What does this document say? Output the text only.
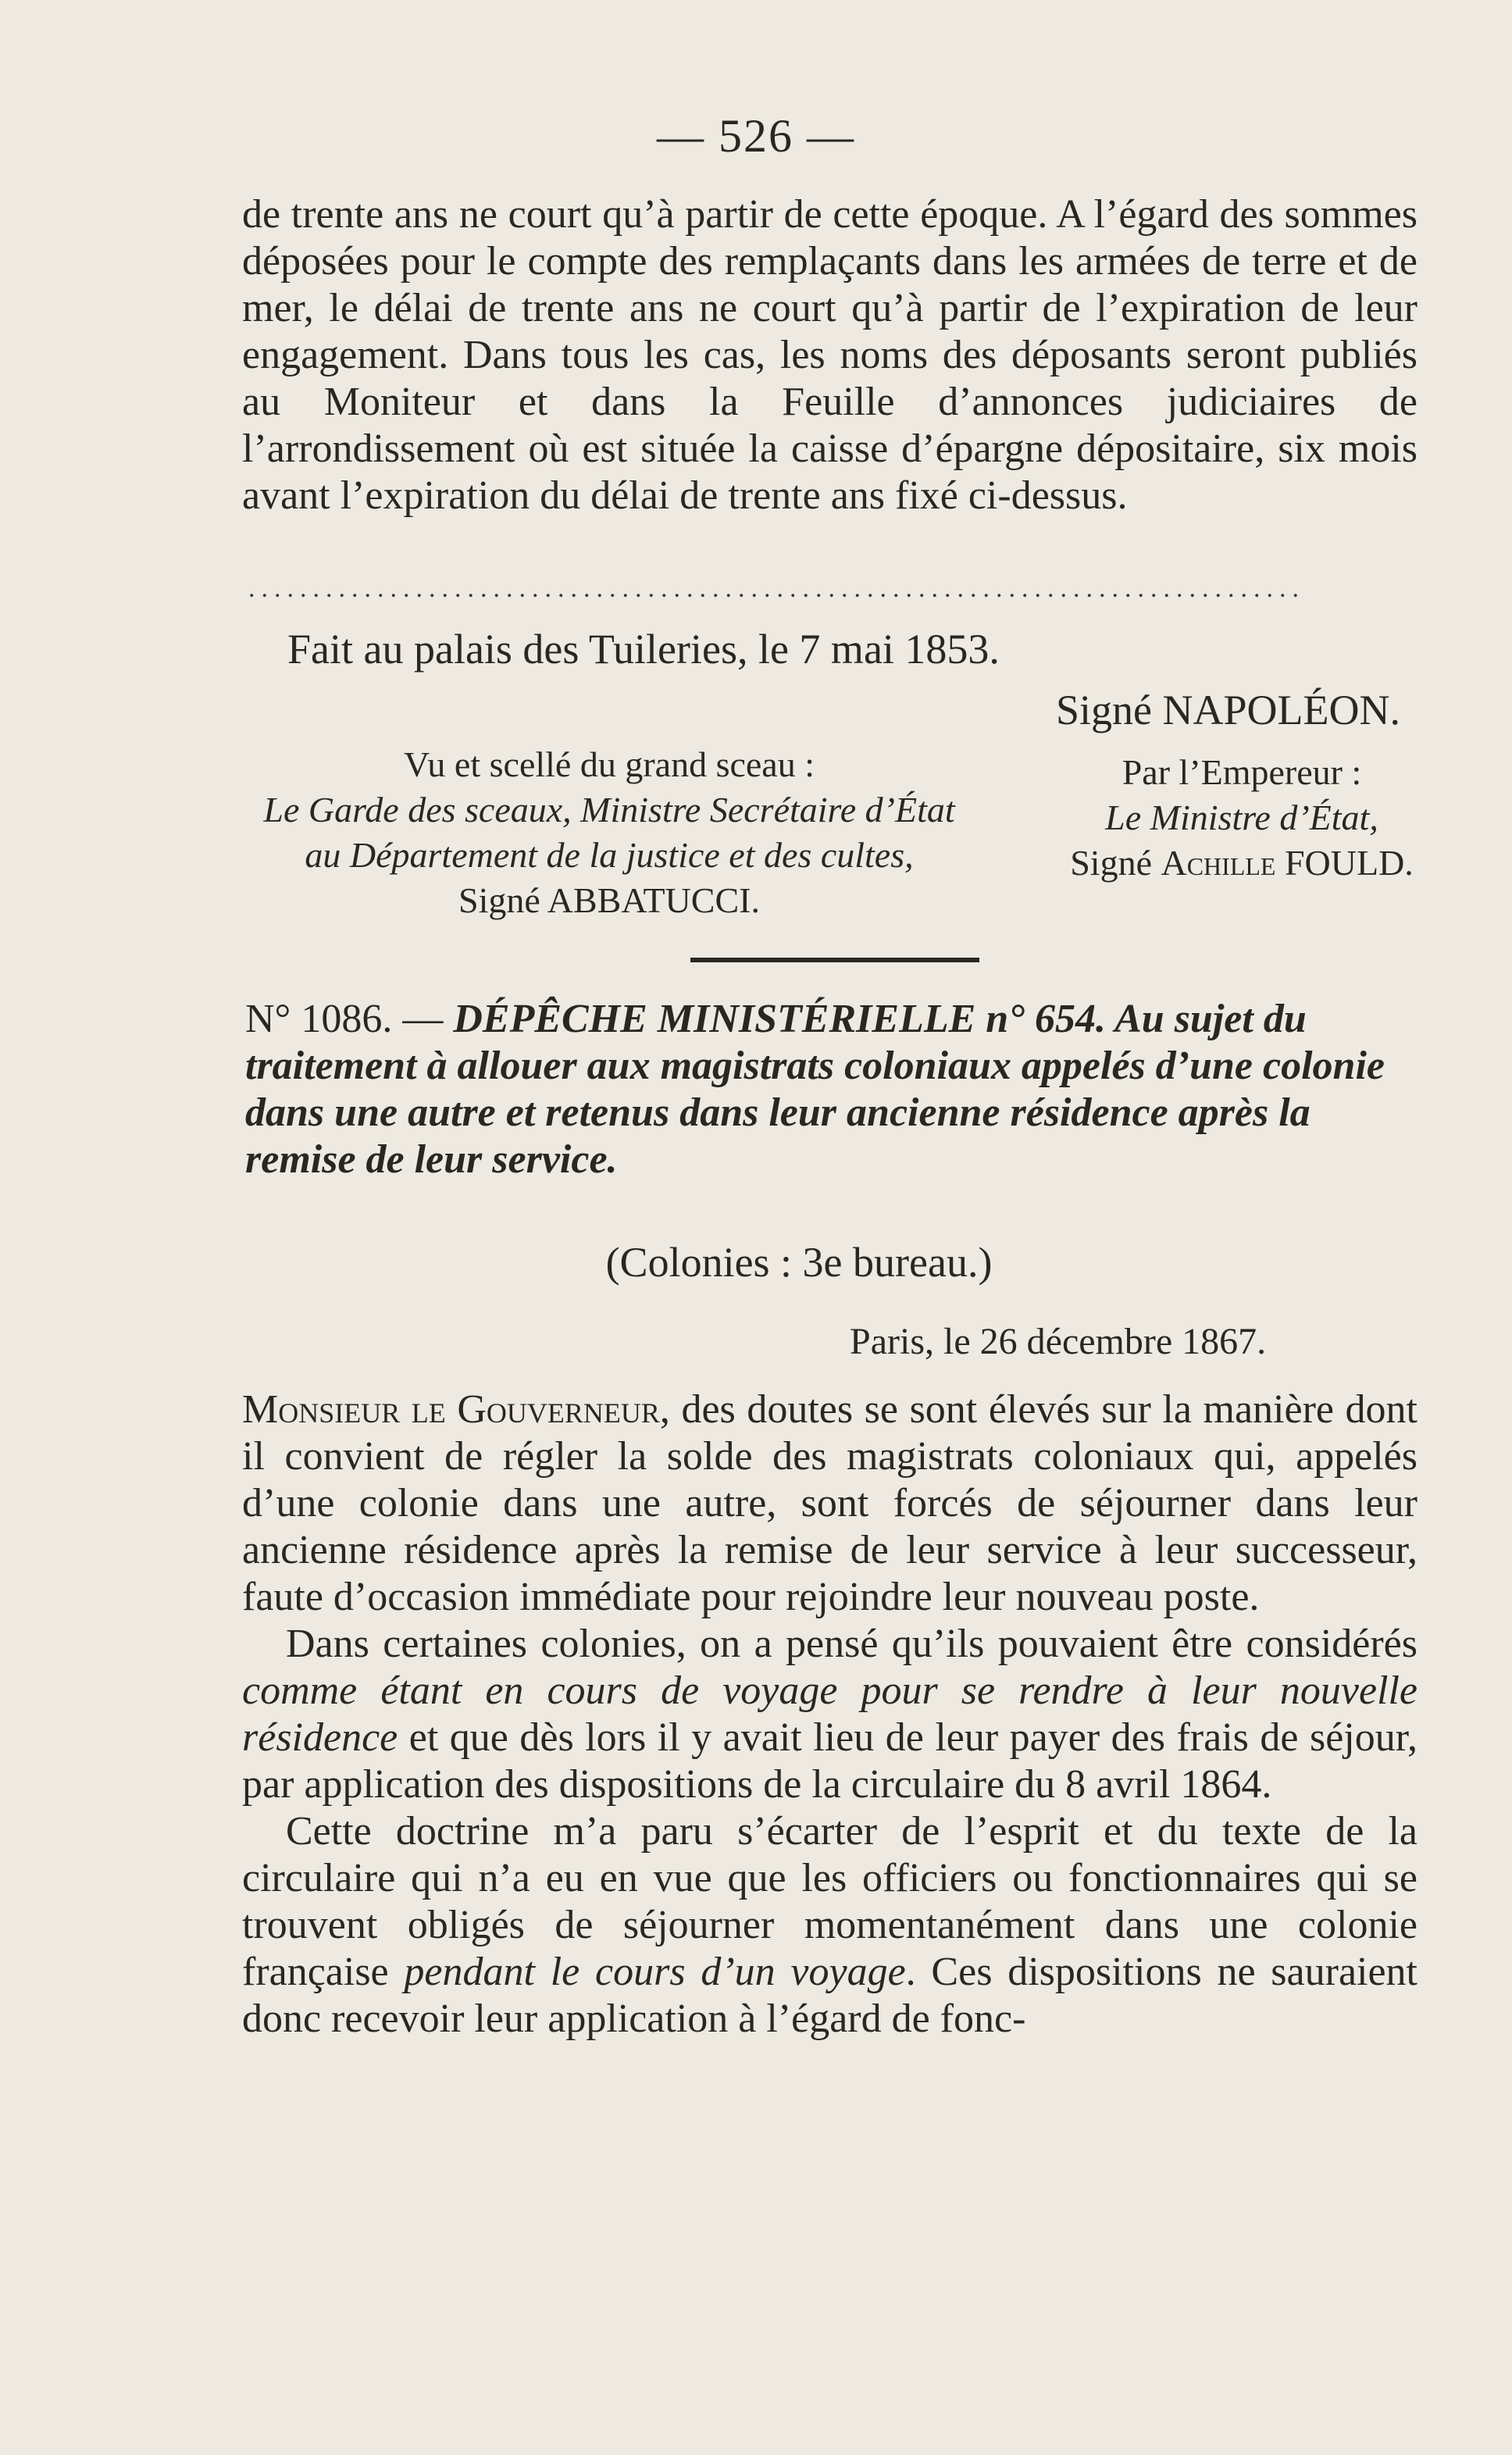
— 526 —

de trente ans ne court qu’à partir de cette époque. A l’égard des sommes déposées pour le compte des remplaçants dans les armées de terre et de mer, le délai de trente ans ne court qu’à partir de l’expiration de leur engagement. Dans tous les cas, les noms des déposants seront publiés au Moniteur et dans la Feuille d’annonces judiciaires de l’arrondissement où est située la caisse d’épargne dépositaire, six mois avant l’expiration du délai de trente ans fixé ci-dessus.

..................................................................................
Fait au palais des Tuileries, le 7 mai 1853.
Signé NAPOLÉON.
Vu et scellé du grand sceau :
Le Garde des sceaux, Ministre Secrétaire d’État
au Département de la justice et des cultes,
Signé ABBATUCCI.
Par l’Empereur :
Le Ministre d’État,
Signé Achille FOULD.
N° 1086. — DÉPÊCHE MINISTÉRIELLE n° 654. Au sujet du traitement à allouer aux magistrats coloniaux appelés d’une colonie dans une autre et retenus dans leur ancienne résidence après la remise de leur service.
(Colonies : 3e bureau.)
Paris, le 26 décembre 1867.

Monsieur le Gouverneur, des doutes se sont élevés sur la manière dont il convient de régler la solde des magistrats coloniaux qui, appelés d’une colonie dans une autre, sont forcés de séjourner dans leur ancienne résidence après la remise de leur service à leur successeur, faute d’occasion immédiate pour rejoindre leur nouveau poste.

Dans certaines colonies, on a pensé qu’ils pouvaient être considérés comme étant en cours de voyage pour se rendre à leur nouvelle résidence et que dès lors il y avait lieu de leur payer des frais de séjour, par application des dispositions de la circulaire du 8 avril 1864.

Cette doctrine m’a paru s’écarter de l’esprit et du texte de la circulaire qui n’a eu en vue que les officiers ou fonctionnaires qui se trouvent obligés de séjourner momentanément dans une colonie française pendant le cours d’un voyage. Ces dispositions ne sauraient donc recevoir leur application à l’égard de fonc-
